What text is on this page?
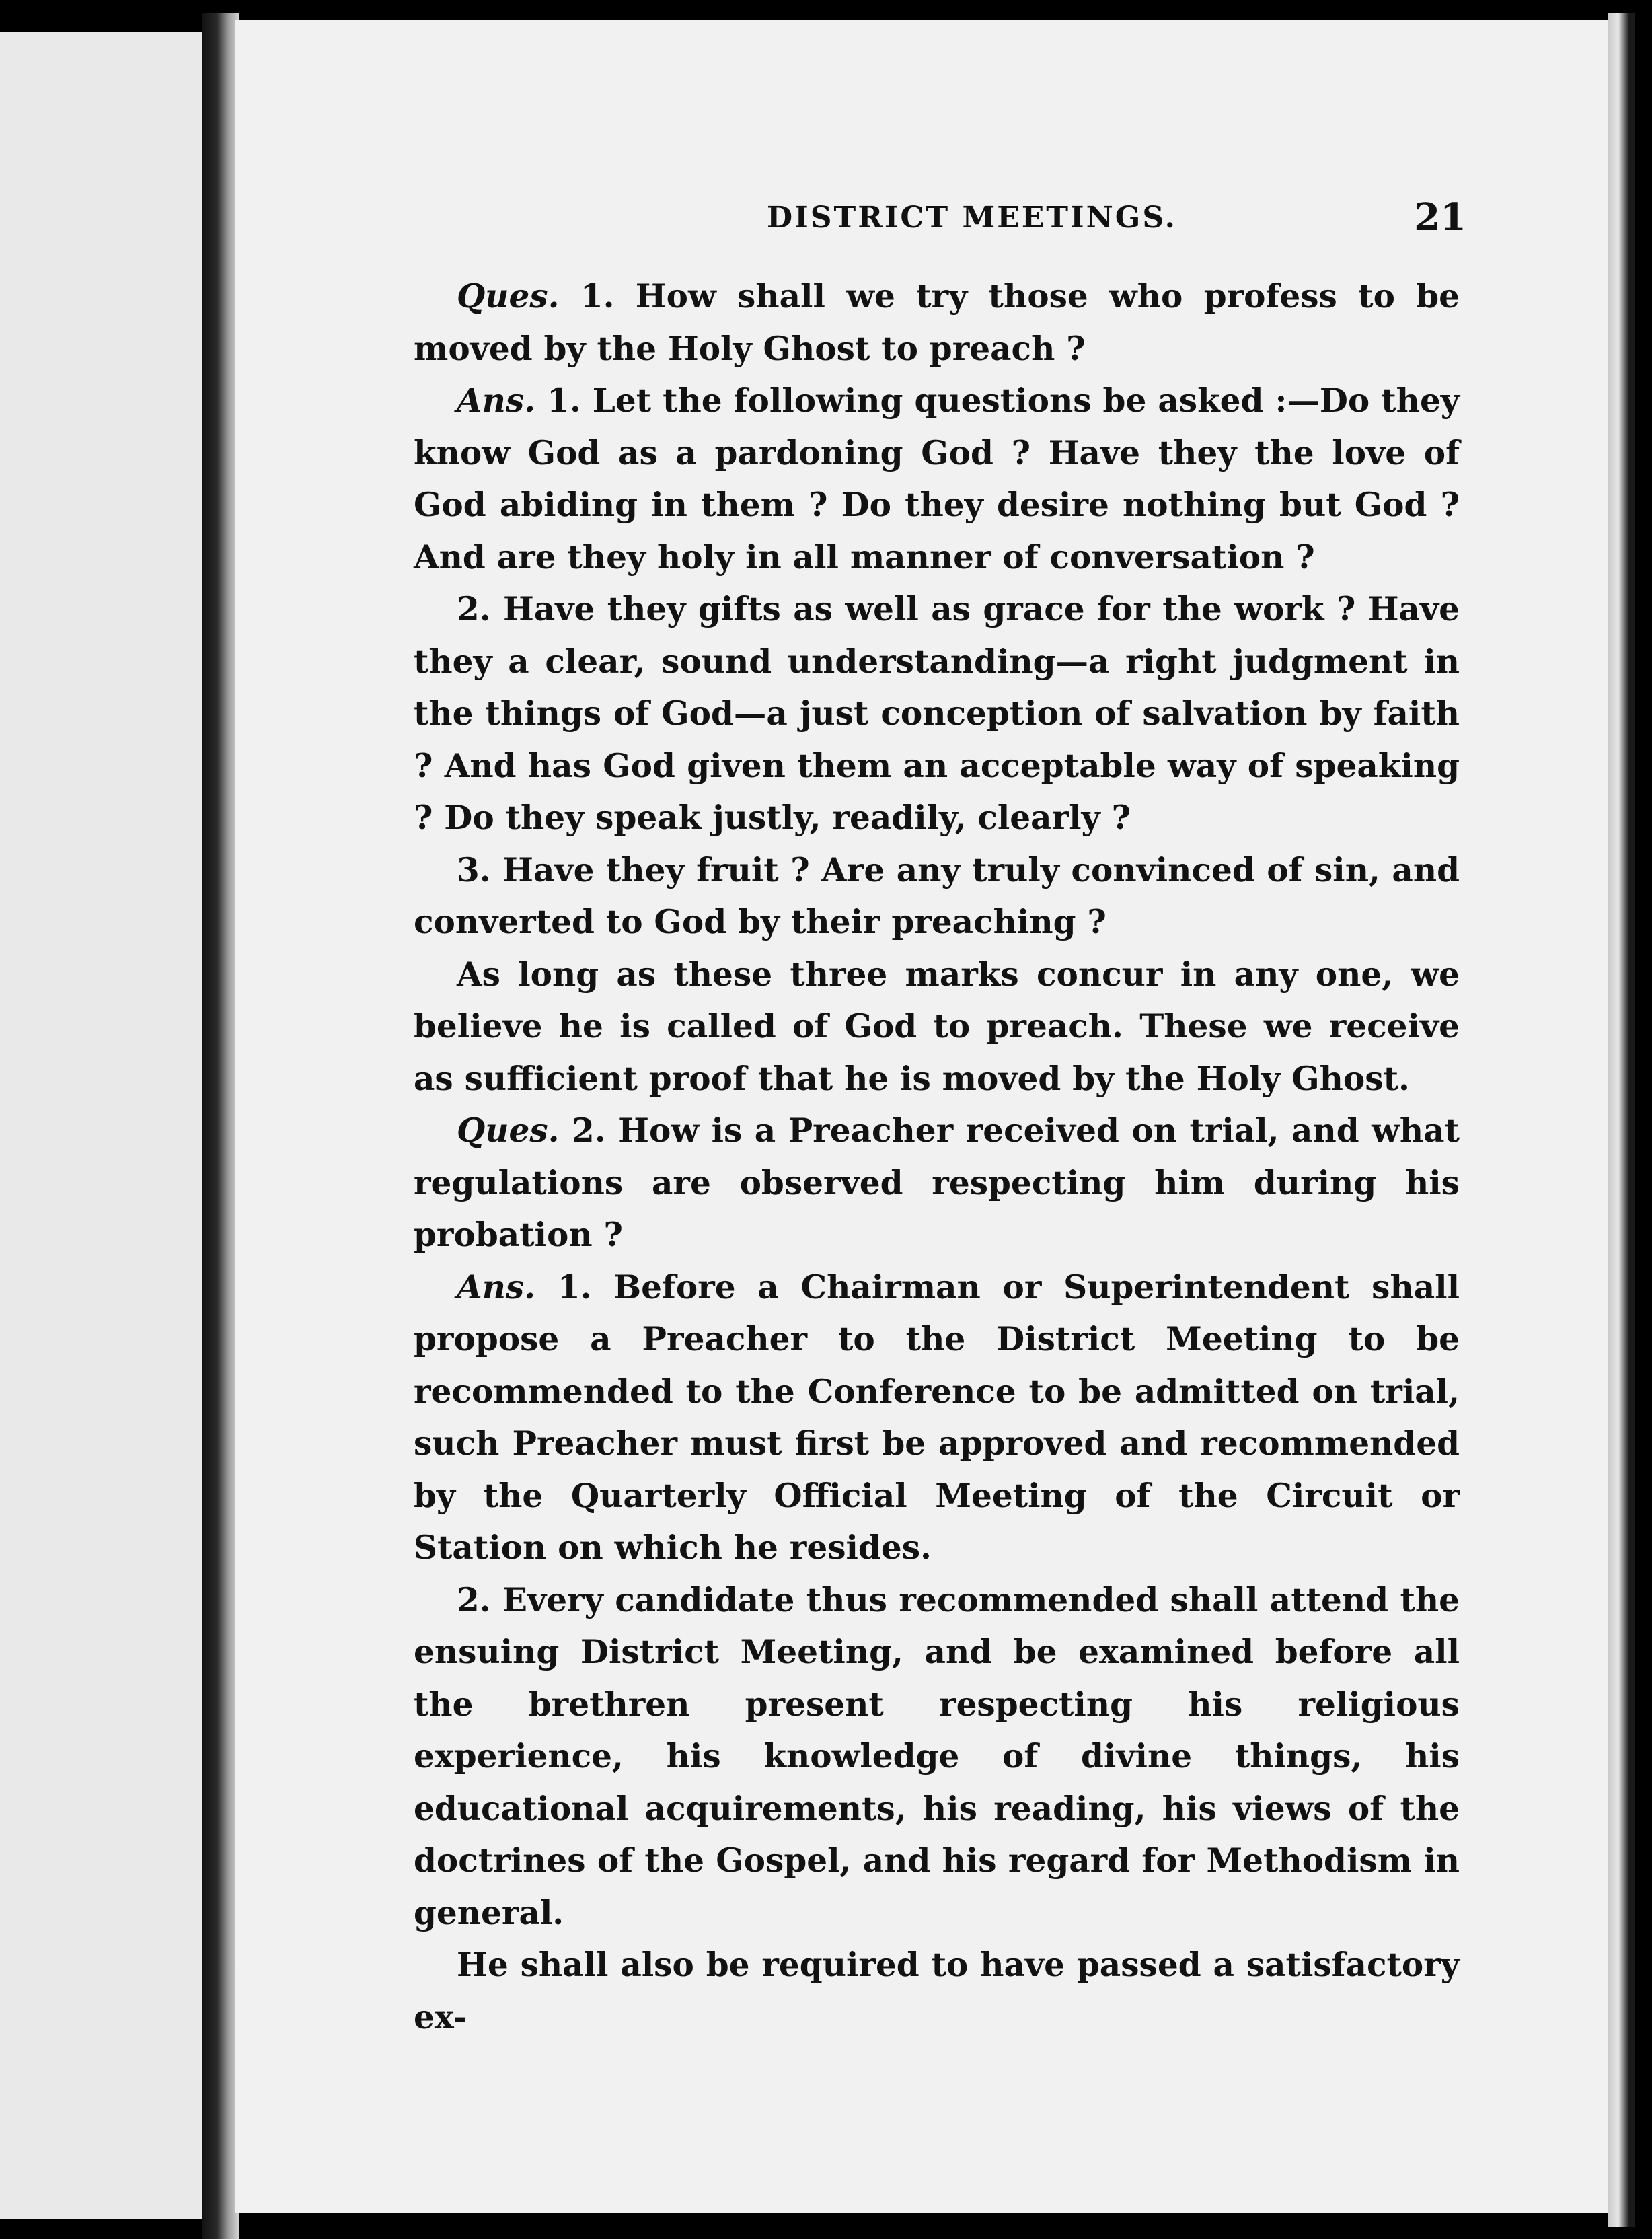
DISTRICT MEETINGS.	21

Ques. 1. How shall we try those who profess to be moved by the Holy Ghost to preach ?

Ans. 1. Let the following questions be asked :—Do they know God as a pardoning God ? Have they the love of God abiding in them ? Do they desire nothing but God ? And are they holy in all manner of conversation ?

2. Have they gifts as well as grace for the work ? Have they a clear, sound understanding—a right judgment in the things of God—a just conception of salvation by faith ? And has God given them an acceptable way of speaking ? Do they speak justly, readily, clearly ?

3. Have they fruit ? Are any truly convinced of sin, and converted to God by their preaching ?

As long as these three marks concur in any one, we believe he is called of God to preach. These we receive as sufficient proof that he is moved by the Holy Ghost.

Ques. 2. How is a Preacher received on trial, and what regulations are observed respecting him during his probation ?

Ans. 1. Before a Chairman or Superintendent shall propose a Preacher to the District Meeting to be recommended to the Conference to be admitted on trial, such Preacher must first be approved and recommended by the Quarterly Official Meeting of the Circuit or Station on which he resides.

2. Every candidate thus recommended shall attend the ensuing District Meeting, and be examined before all the brethren present respecting his religious experience, his knowledge of divine things, his educational acquirements, his reading, his views of the doctrines of the Gospel, and his regard for Methodism in general.

He shall also be required to have passed a satisfactory ex-
